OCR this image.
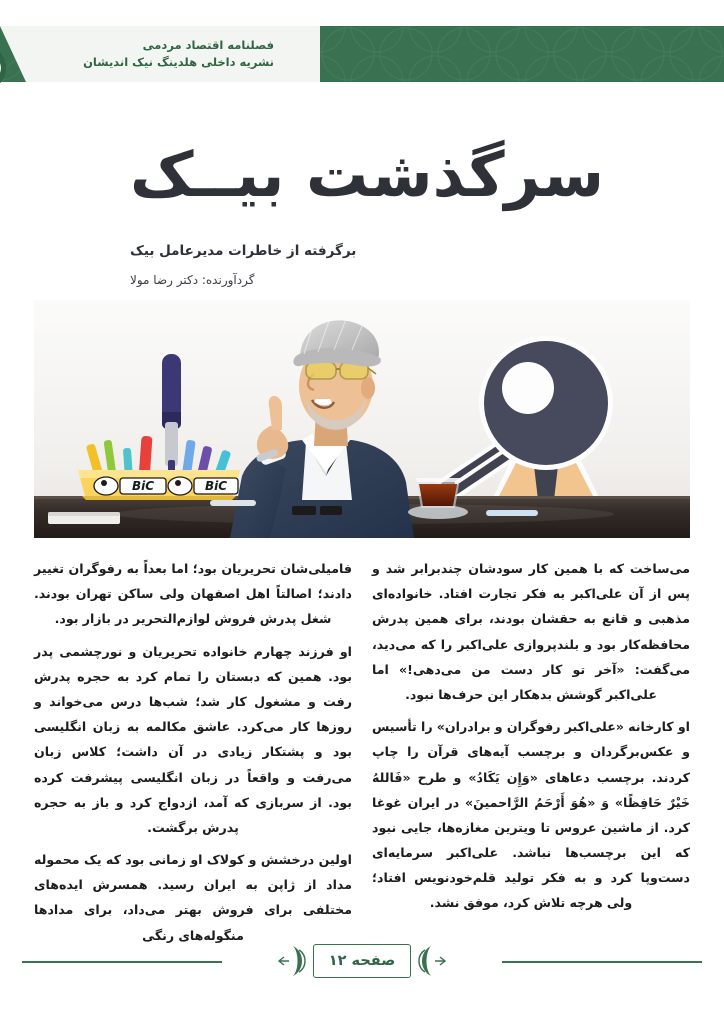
فصلنامه اقتصاد مردمی
نشریه داخلی هلدینگ نیک اندیشان
سرگذشت بیــک
برگرفته از خاطرات مدیرعامل بیک
گردآورنده: دکتر رضا مولا
BiC	BiC

فامیلی‌شان تحریریان بود؛ اما بعداً به رفوگران تغییر دادند؛ اصالتاً اهل اصفهان ولی ساکن تهران بودند. شغل پدرش فروش لوازم‌التحریر در بازار بود.

او فرزند چهارم خانواده تحریریان و نورچشمی پدر بود. همین که دبستان را تمام کرد به حجره پدرش رفت و مشغول کار شد؛ شب‌ها درس می‌خواند و روزها کار می‌کرد. عاشق مکالمه به زبان انگلیسی بود و پشتکار زیادی در آن داشت؛ کلاس زبان می‌رفت و واقعاً در زبان انگلیسی پیشرفت کرده بود. از سربازی که آمد، ازدواج کرد و باز به حجره پدرش برگشت.

اولین درخشش و کولاک او زمانی بود که یک محموله مداد از ژاپن به ایران رسید. همسرش ایده‌های مختلفی برای فروش بهتر می‌داد، برای مدادها منگوله‌های رنگی

می‌ساخت که با همین کار سودشان چندبرابر شد و پس از آن علی‌اکبر به فکر تجارت افتاد. خانواده‌ای مذهبی و قانع به حقشان بودند، برای همین پدرش محافظه‌کار بود و بلندپروازی علی‌اکبر را که می‌دید، می‌گفت: «آخر تو کار دست من می‌دهی!» اما علی‌اکبر گوشش بدهکار این حرف‌ها نبود.

او کارخانه «علی‌اکبر رفوگران و برادران» را تأسیس و عکس‌برگردان و برچسب آیه‌های قرآن را چاپ کردند. برچسب دعاهای «وَإِن یَکَادُ» و طرح «فَاللهُ خَیْرٌ حَافِظًا» وَ «هُوَ أَرْحَمُ الرَّاحمینَ» در ایران غوغا کرد. از ماشین عروس تا ویترین مغازه‌ها، جایی نبود که این برچسب‌ها نباشد. علی‌اکبر سرمایه‌ای دست‌وپا کرد و به فکر تولید قلم‌خودنویس افتاد؛ ولی هرچه تلاش کرد، موفق نشد.

صفحه ۱۲
